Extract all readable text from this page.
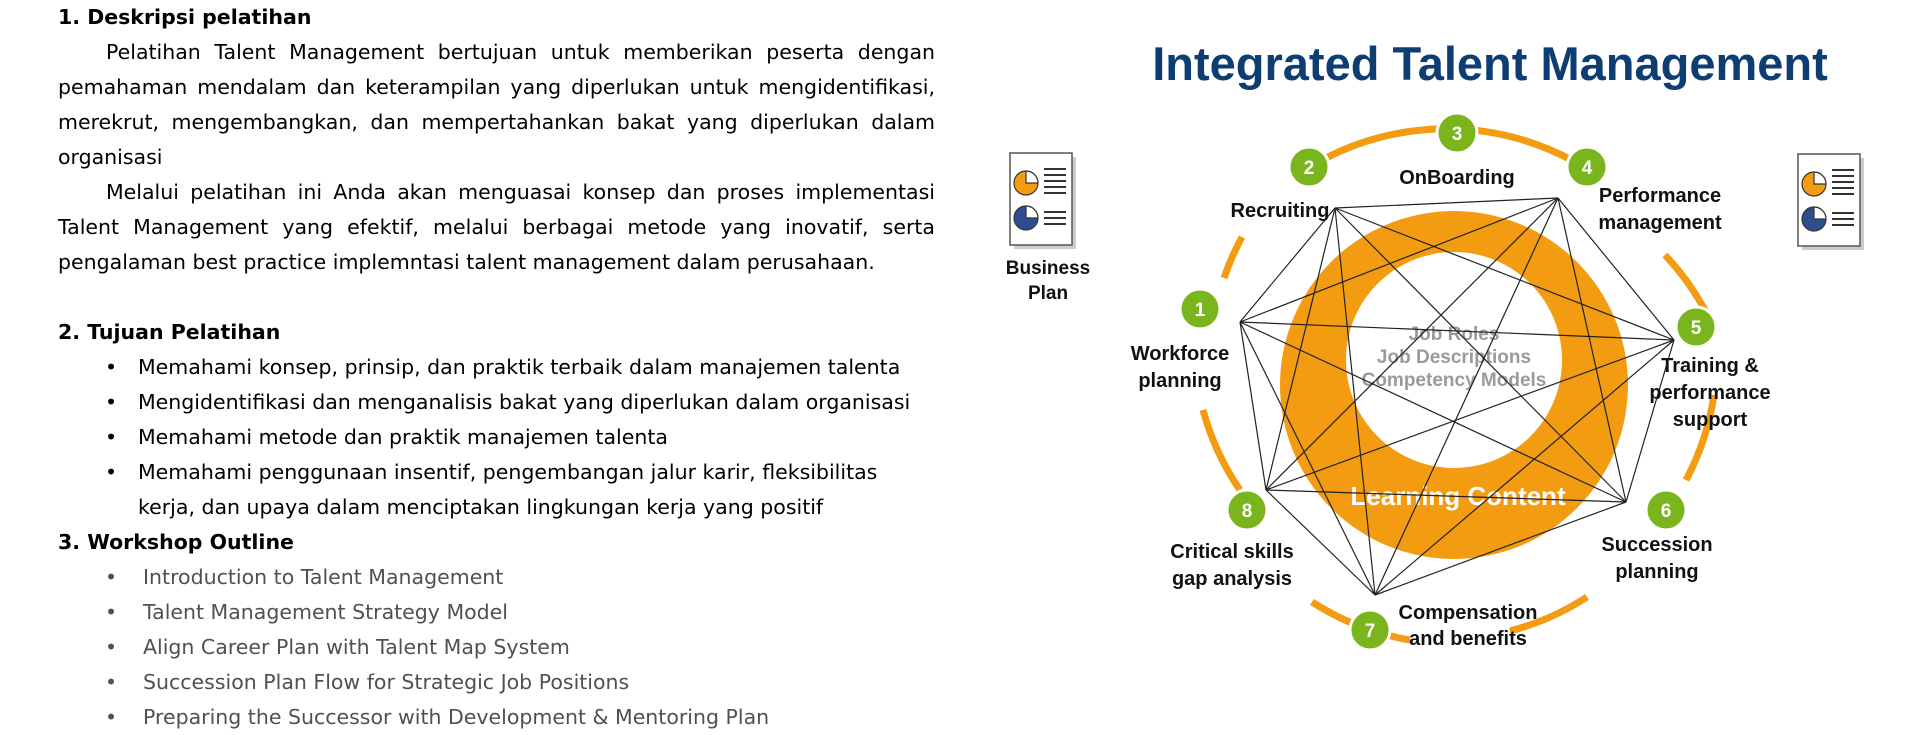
1. Deskripsi pelatihan

Pelatihan Talent Management bertujuan untuk memberikan peserta dengan pemahaman mendalam dan keterampilan yang diperlukan untuk mengidentifikasi, merekrut, mengembangkan, dan mempertahankan bakat yang diperlukan dalam organisasi

Melalui pelatihan ini Anda akan menguasai konsep dan proses implementasi Talent Management yang efektif, melalui berbagai metode yang inovatif, serta pengalaman best practice implemntasi talent management dalam perusahaan.

2. Tujuan Pelatihan

• Memahami konsep, prinsip, dan praktik terbaik dalam manajemen talenta
• Mengidentifikasi dan menganalisis bakat yang diperlukan dalam organisasi
• Memahami metode dan praktik manajemen talenta
• Memahami penggunaan insentif, pengembangan jalur karir, fleksibilitas kerja, dan upaya dalam menciptakan lingkungan kerja yang positif

3. Workshop Outline

• Introduction to Talent Management
• Talent Management Strategy Model
• Align Career Plan with Talent Map System
• Succession Plan Flow for Strategic Job Positions
• Preparing the Successor with Development & Mentoring Plan
Integrated Talent Management
Job Roles
Job Descriptions
Competency Models
Learning Content
1
2
3
4
5
6
7
8
Workforce
planning
Recruiting
OnBoarding
Performance
management
Training &
performance
support
Succession
planning
Compensation
and benefits
Critical skills
gap analysis
Business
Plan
